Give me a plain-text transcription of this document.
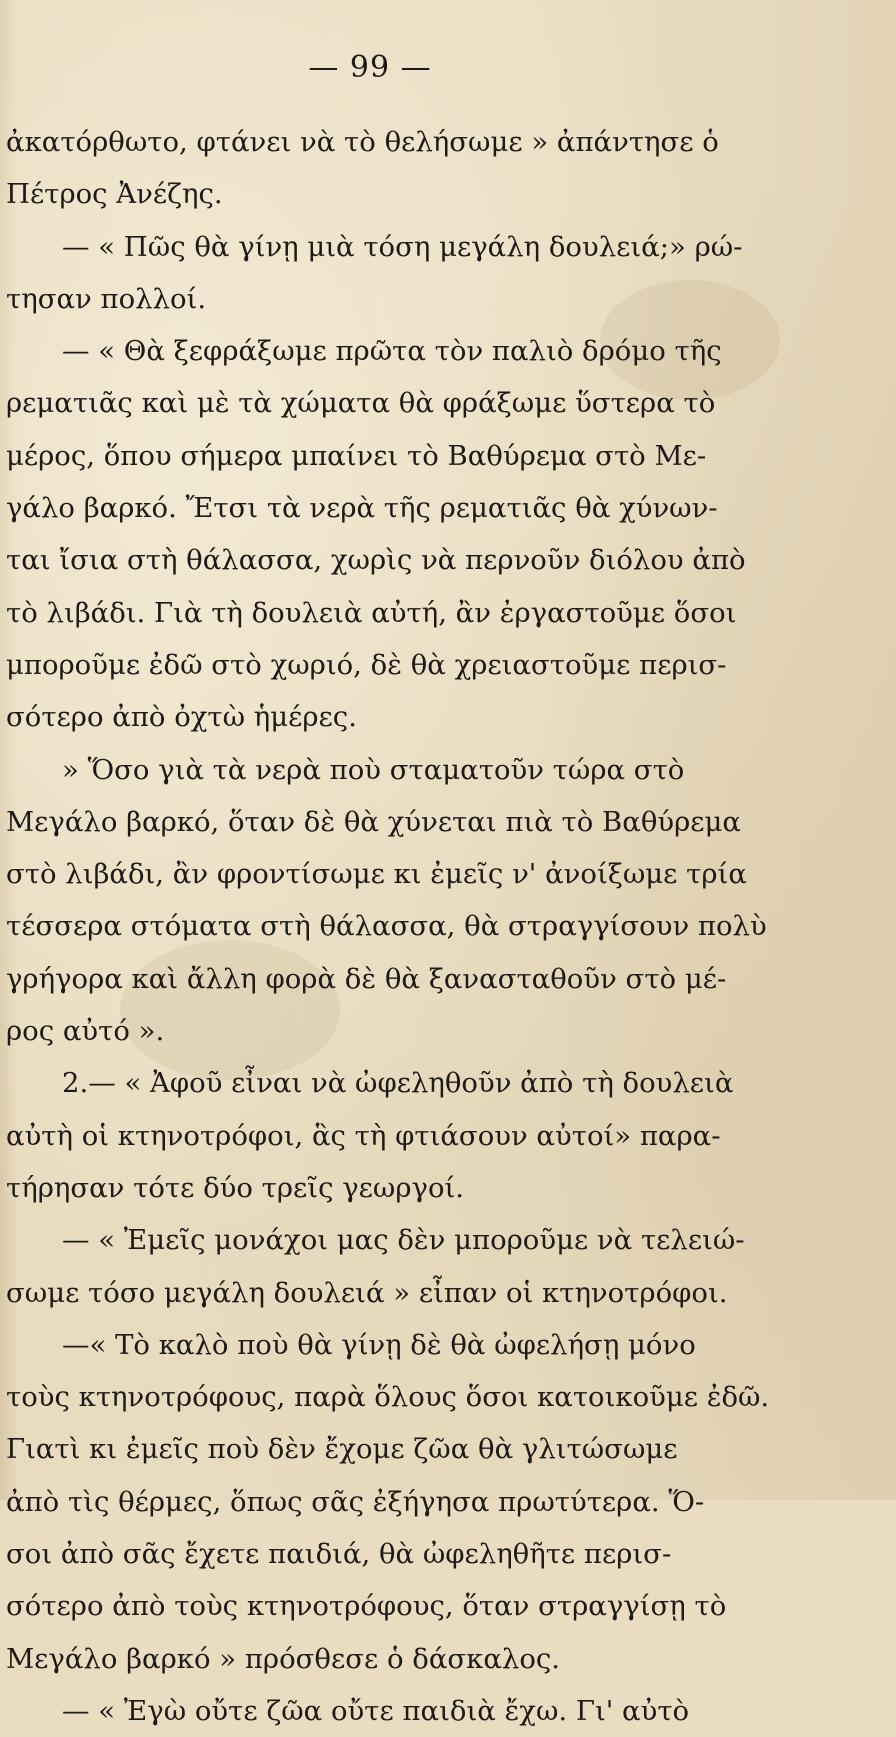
— 99 —
ἀκατόρθωτο, φτάνει νὰ τὸ θελήσωμε » ἀπάντησε ὁ
Πέτρος Ἀνέζης.
— « Πῶς θὰ γίνῃ μιὰ τόση μεγάλη δουλειά;» ρώ-
τησαν πολλοί.
— « Θὰ ξεφράξωμε πρῶτα τὸν παλιὸ δρόμο τῆς
ρεματιᾶς καὶ μὲ τὰ χώματα θὰ φράξωμε ὕστερα τὸ
μέρος, ὅπου σήμερα μπαίνει τὸ Βαθύρεμα στὸ Με-
γάλο βαρκό. Ἔτσι τὰ νερὰ τῆς ρεματιᾶς θὰ χύνων-
ται ἴσια στὴ θάλασσα, χωρὶς νὰ περνοῦν διόλου ἀπὸ
τὸ λιβάδι. Γιὰ τὴ δουλειὰ αὐτή, ἂν ἐργαστοῦμε ὅσοι
μποροῦμε ἐδῶ στὸ χωριό, δὲ θὰ χρειαστοῦμε περισ-
σότερο ἀπὸ ὀχτὼ ἡμέρες.
» Ὅσο γιὰ τὰ νερὰ ποὺ σταματοῦν τώρα στὸ
Μεγάλο βαρκό, ὅταν δὲ θὰ χύνεται πιὰ τὸ Βαθύρεμα
στὸ λιβάδι, ἂν φροντίσωμε κι ἐμεῖς ν' ἀνοίξωμε τρία
τέσσερα στόματα στὴ θάλασσα, θὰ στραγγίσουν πολὺ
γρήγορα καὶ ἄλλη φορὰ δὲ θὰ ξανασταθοῦν στὸ μέ-
ρος αὐτό ».
2.— « Ἀφοῦ εἶναι νὰ ὠφεληθοῦν ἀπὸ τὴ δουλειὰ
αὐτὴ οἱ κτηνοτρόφοι, ἃς τὴ φτιάσουν αὐτοί» παρα-
τήρησαν τότε δύο τρεῖς γεωργοί.
— « Ἐμεῖς μονάχοι μας δὲν μποροῦμε νὰ τελειώ-
σωμε τόσο μεγάλη δουλειά » εἶπαν οἱ κτηνοτρόφοι.
—« Τὸ καλὸ ποὺ θὰ γίνῃ δὲ θὰ ὠφελήσῃ μόνο
τοὺς κτηνοτρόφους, παρὰ ὅλους ὅσοι κατοικοῦμε ἐδῶ.
Γιατὶ κι ἐμεῖς ποὺ δὲν ἔχομε ζῶα θὰ γλιτώσωμε
ἀπὸ τὶς θέρμες, ὅπως σᾶς ἐξήγησα πρωτύτερα. Ὅ-
σοι ἀπὸ σᾶς ἔχετε παιδιά, θὰ ὠφεληθῆτε περισ-
σότερο ἀπὸ τοὺς κτηνοτρόφους, ὅταν στραγγίσῃ τὸ
Μεγάλο βαρκό » πρόσθεσε ὁ δάσκαλος.
— « Ἐγὼ οὔτε ζῶα οὔτε παιδιὰ ἔχω. Γι' αὐτὸ
